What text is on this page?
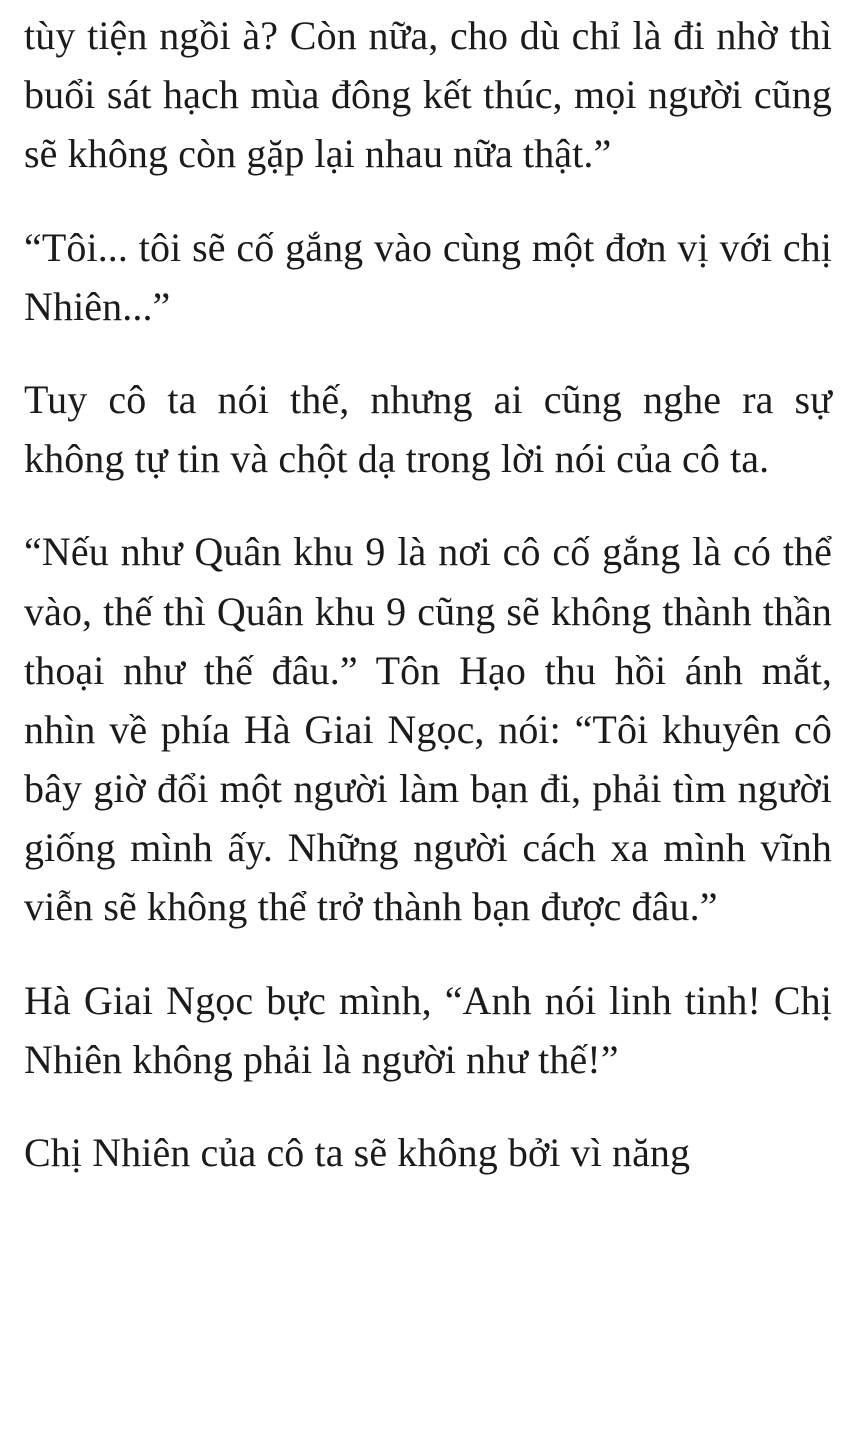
tùy tiện ngồi à? Còn nữa, cho dù chỉ là đi nhờ thì buổi sát hạch mùa đông kết thúc, mọi người cũng sẽ không còn gặp lại nhau nữa thật.”

“Tôi... tôi sẽ cố gắng vào cùng một đơn vị với chị Nhiên...”

Tuy cô ta nói thế, nhưng ai cũng nghe ra sự không tự tin và chột dạ trong lời nói của cô ta.

“Nếu như Quân khu 9 là nơi cô cố gắng là có thể vào, thế thì Quân khu 9 cũng sẽ không thành thần thoại như thế đâu.” Tôn Hạo thu hồi ánh mắt, nhìn về phía Hà Giai Ngọc, nói: “Tôi khuyên cô bây giờ đổi một người làm bạn đi, phải tìm người giống mình ấy. Những người cách xa mình vĩnh viễn sẽ không thể trở thành bạn được đâu.”

Hà Giai Ngọc bực mình, “Anh nói linh tinh! Chị Nhiên không phải là người như thế!”

Chị Nhiên của cô ta sẽ không bởi vì năng
